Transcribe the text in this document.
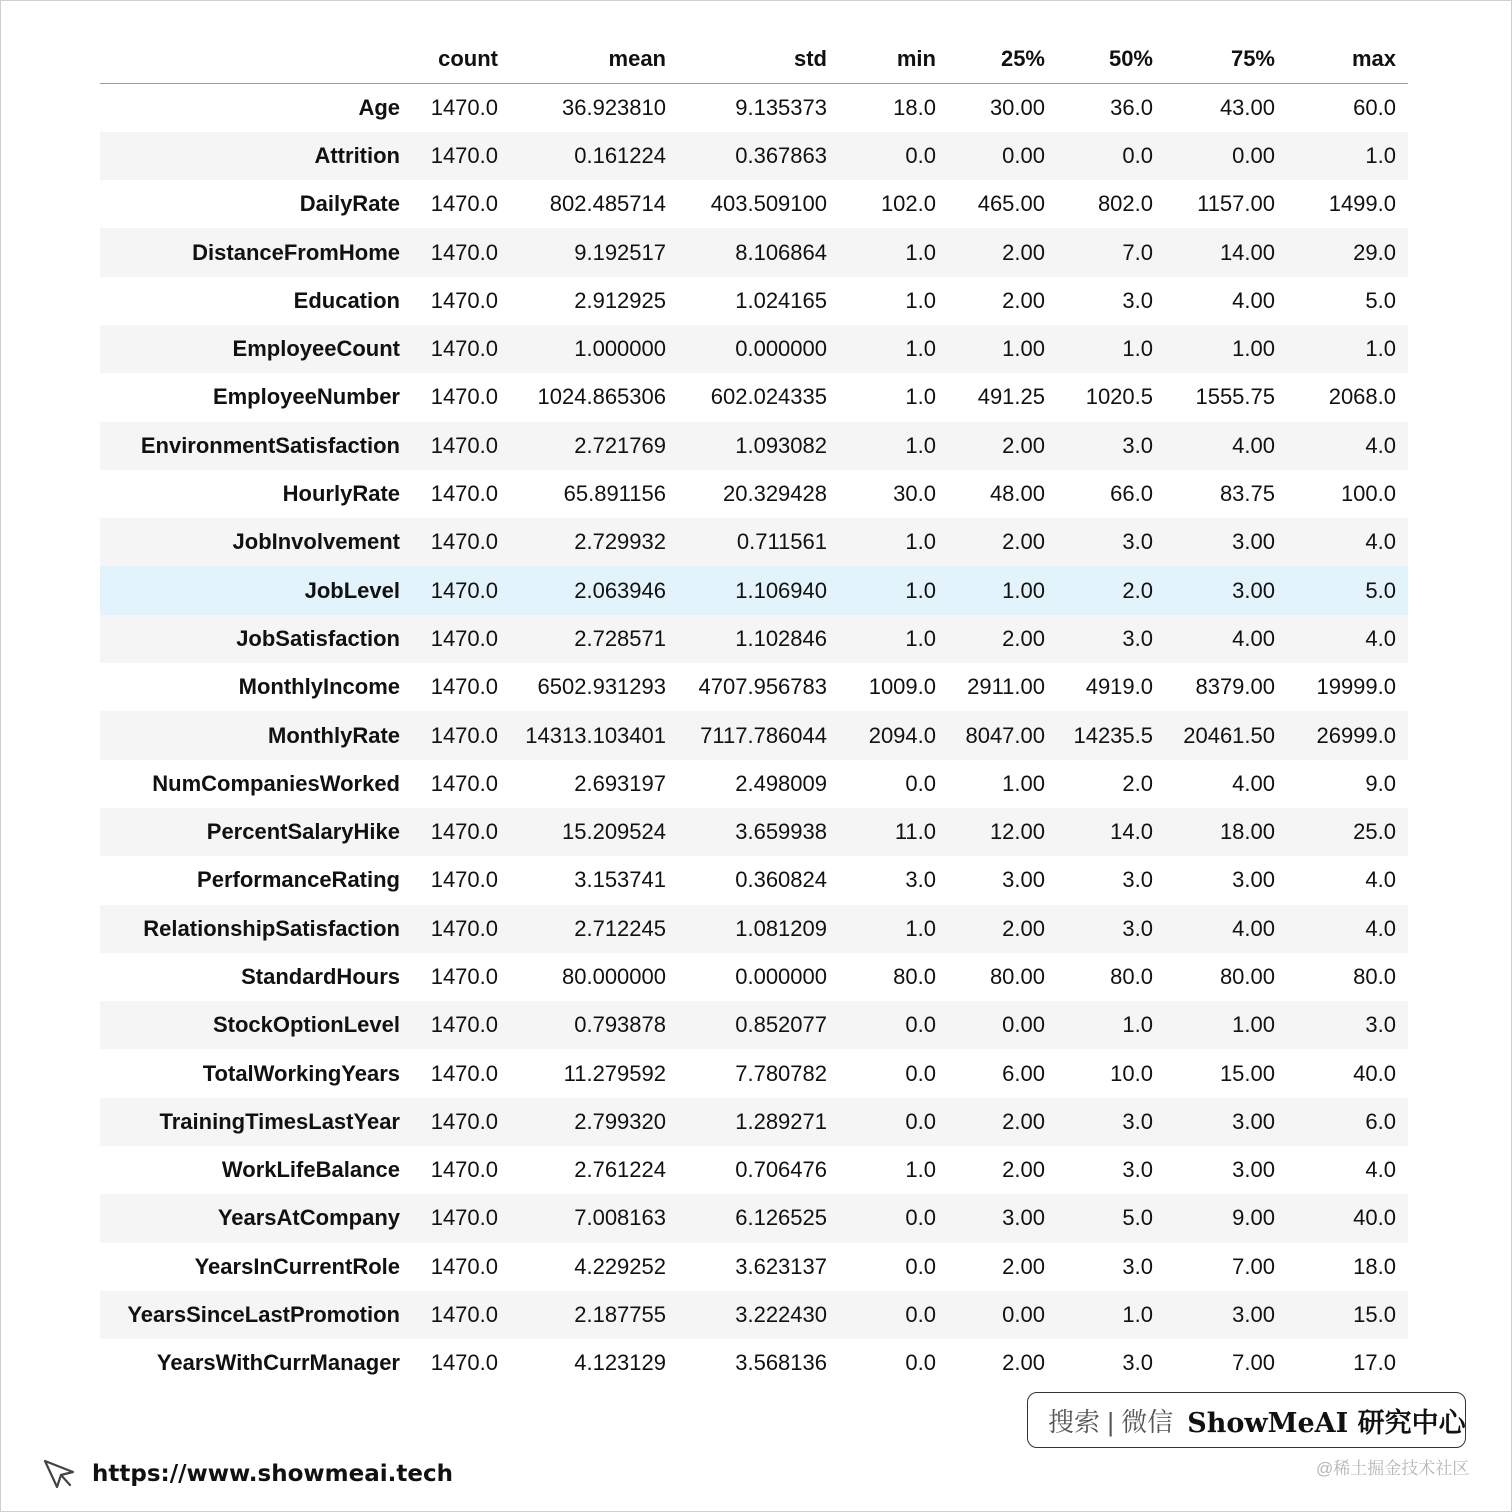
	count	mean	std	min	25%	50%	75%	max
Age	1470.0	36.923810	9.135373	18.0	30.00	36.0	43.00	60.0
Attrition	1470.0	0.161224	0.367863	0.0	0.00	0.0	0.00	1.0
DailyRate	1470.0	802.485714	403.509100	102.0	465.00	802.0	1157.00	1499.0
DistanceFromHome	1470.0	9.192517	8.106864	1.0	2.00	7.0	14.00	29.0
Education	1470.0	2.912925	1.024165	1.0	2.00	3.0	4.00	5.0
EmployeeCount	1470.0	1.000000	0.000000	1.0	1.00	1.0	1.00	1.0
EmployeeNumber	1470.0	1024.865306	602.024335	1.0	491.25	1020.5	1555.75	2068.0
EnvironmentSatisfaction	1470.0	2.721769	1.093082	1.0	2.00	3.0	4.00	4.0
HourlyRate	1470.0	65.891156	20.329428	30.0	48.00	66.0	83.75	100.0
JobInvolvement	1470.0	2.729932	0.711561	1.0	2.00	3.0	3.00	4.0
JobLevel	1470.0	2.063946	1.106940	1.0	1.00	2.0	3.00	5.0
JobSatisfaction	1470.0	2.728571	1.102846	1.0	2.00	3.0	4.00	4.0
MonthlyIncome	1470.0	6502.931293	4707.956783	1009.0	2911.00	4919.0	8379.00	19999.0
MonthlyRate	1470.0	14313.103401	7117.786044	2094.0	8047.00	14235.5	20461.50	26999.0
NumCompaniesWorked	1470.0	2.693197	2.498009	0.0	1.00	2.0	4.00	9.0
PercentSalaryHike	1470.0	15.209524	3.659938	11.0	12.00	14.0	18.00	25.0
PerformanceRating	1470.0	3.153741	0.360824	3.0	3.00	3.0	3.00	4.0
RelationshipSatisfaction	1470.0	2.712245	1.081209	1.0	2.00	3.0	4.00	4.0
StandardHours	1470.0	80.000000	0.000000	80.0	80.00	80.0	80.00	80.0
StockOptionLevel	1470.0	0.793878	0.852077	0.0	0.00	1.0	1.00	3.0
TotalWorkingYears	1470.0	11.279592	7.780782	0.0	6.00	10.0	15.00	40.0
TrainingTimesLastYear	1470.0	2.799320	1.289271	0.0	2.00	3.0	3.00	6.0
WorkLifeBalance	1470.0	2.761224	0.706476	1.0	2.00	3.0	3.00	4.0
YearsAtCompany	1470.0	7.008163	6.126525	0.0	3.00	5.0	9.00	40.0
YearsInCurrentRole	1470.0	4.229252	3.623137	0.0	2.00	3.0	7.00	18.0
YearsSinceLastPromotion	1470.0	2.187755	3.222430	0.0	0.00	1.0	3.00	15.0
YearsWithCurrManager	1470.0	4.123129	3.568136	0.0	2.00	3.0	7.00	17.0
搜索 | 微信 ShowMeAI 研究中心
@稀土掘金技术社区
https://www.showmeai.tech
